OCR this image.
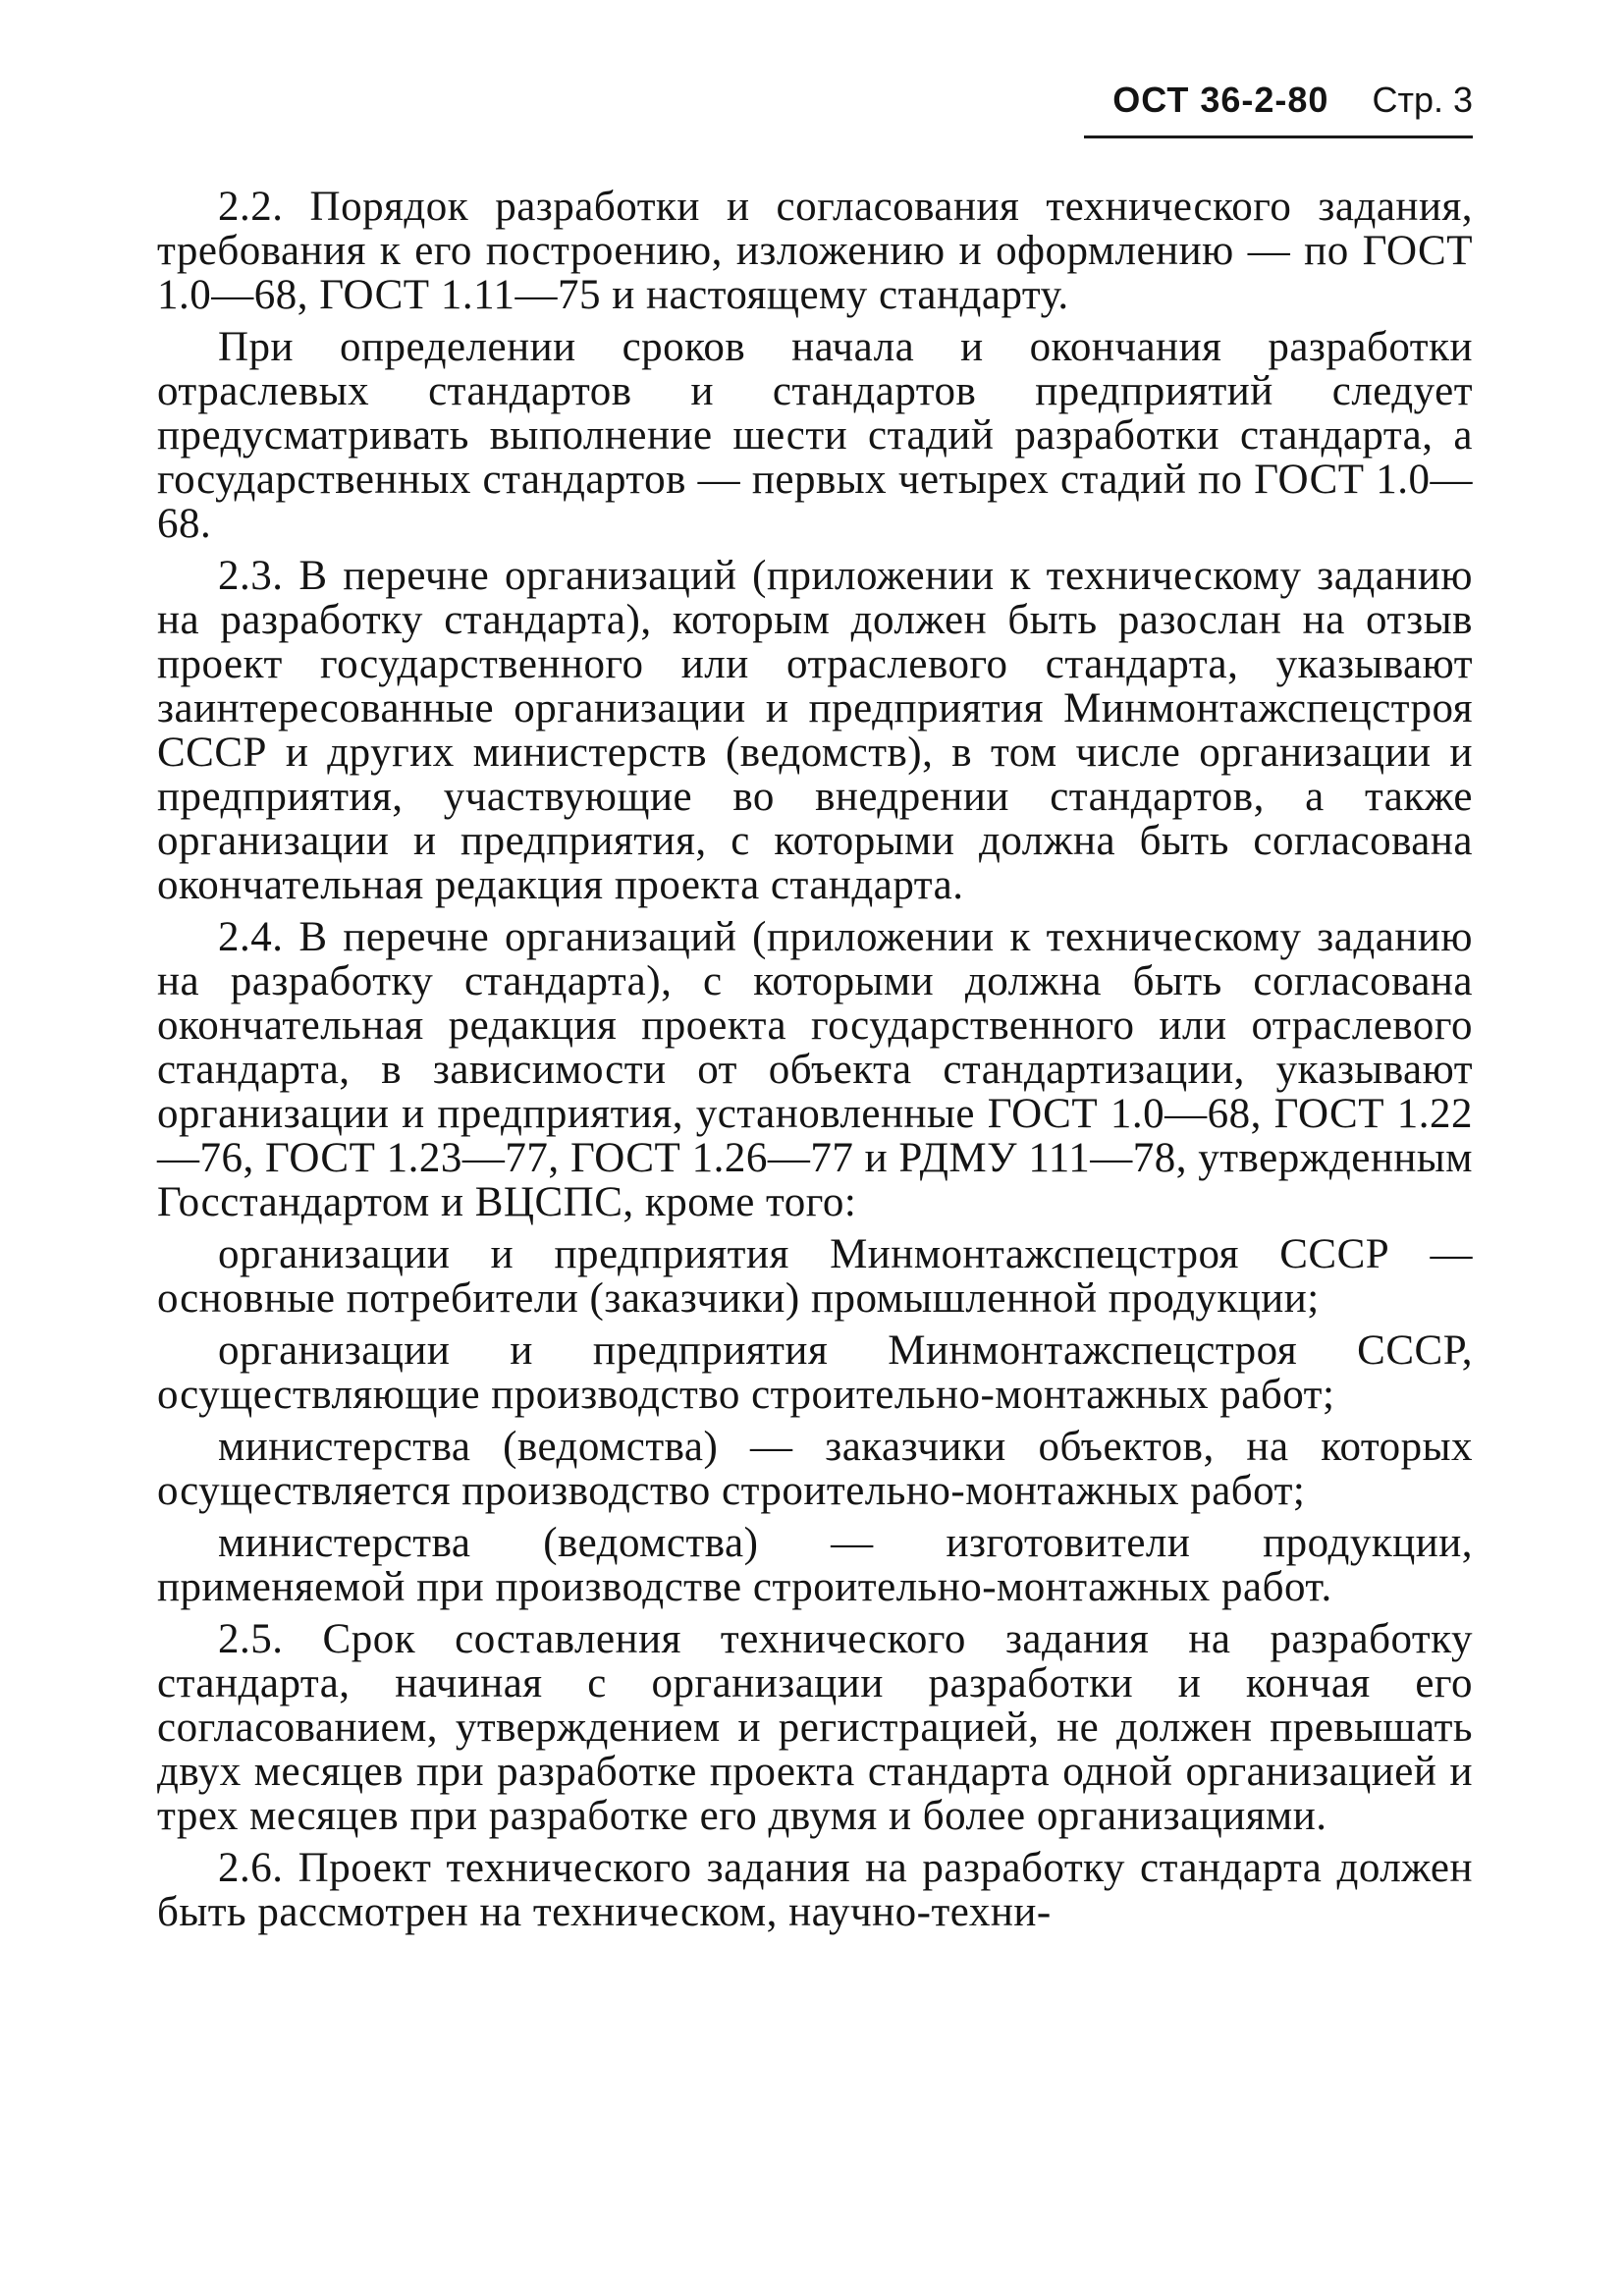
ОСТ 36-2-80 Стр. 3

2.2. Порядок разработки и согласования технического задания, требования к его построению, изложению и оформлению — по ГОСТ 1.0—68, ГОСТ 1.11—75 и настоящему стандарту.

При определении сроков начала и окончания разработки отраслевых стандартов и стандартов предприятий следует предусматривать выполнение шести стадий разработки стандарта, а государственных стандартов — первых четырех стадий по ГОСТ 1.0—68.

2.3. В перечне организаций (приложении к техническому заданию на разработку стандарта), которым должен быть разослан на отзыв проект государственного или отраслевого стандарта, указывают заинтересованные организации и предприятия Минмонтажспецстроя СССР и других министерств (ведомств), в том числе организации и предприятия, участвующие во внедрении стандартов, а также организации и предприятия, с которыми должна быть согласована окончательная редакция проекта стандарта.

2.4. В перечне организаций (приложении к техническому заданию на разработку стандарта), с которыми должна быть согласована окончательная редакция проекта государственного или отраслевого стандарта, в зависимости от объекта стандартизации, указывают организации и предприятия, установленные ГОСТ 1.0—68, ГОСТ 1.22—76, ГОСТ 1.23—77, ГОСТ 1.26—77 и РДМУ 111—78, утвержденным Госстандартом и ВЦСПС, кроме того:

организации и предприятия Минмонтажспецстроя СССР — основные потребители (заказчики) промышленной продукции;

организации и предприятия Минмонтажспецстроя СССР, осуществляющие производство строительно-монтажных работ;

министерства (ведомства) — заказчики объектов, на которых осуществляется производство строительно-монтажных работ;

министерства (ведомства) — изготовители продукции, применяемой при производстве строительно-монтажных работ.

2.5. Срок составления технического задания на разработку стандарта, начиная с организации разработки и кончая его согласованием, утверждением и регистрацией, не должен превышать двух месяцев при разработке проекта стандарта одной организацией и трех месяцев при разработке его двумя и более организациями.

2.6. Проект технического задания на разработку стандарта должен быть рассмотрен на техническом, научно-техни-
